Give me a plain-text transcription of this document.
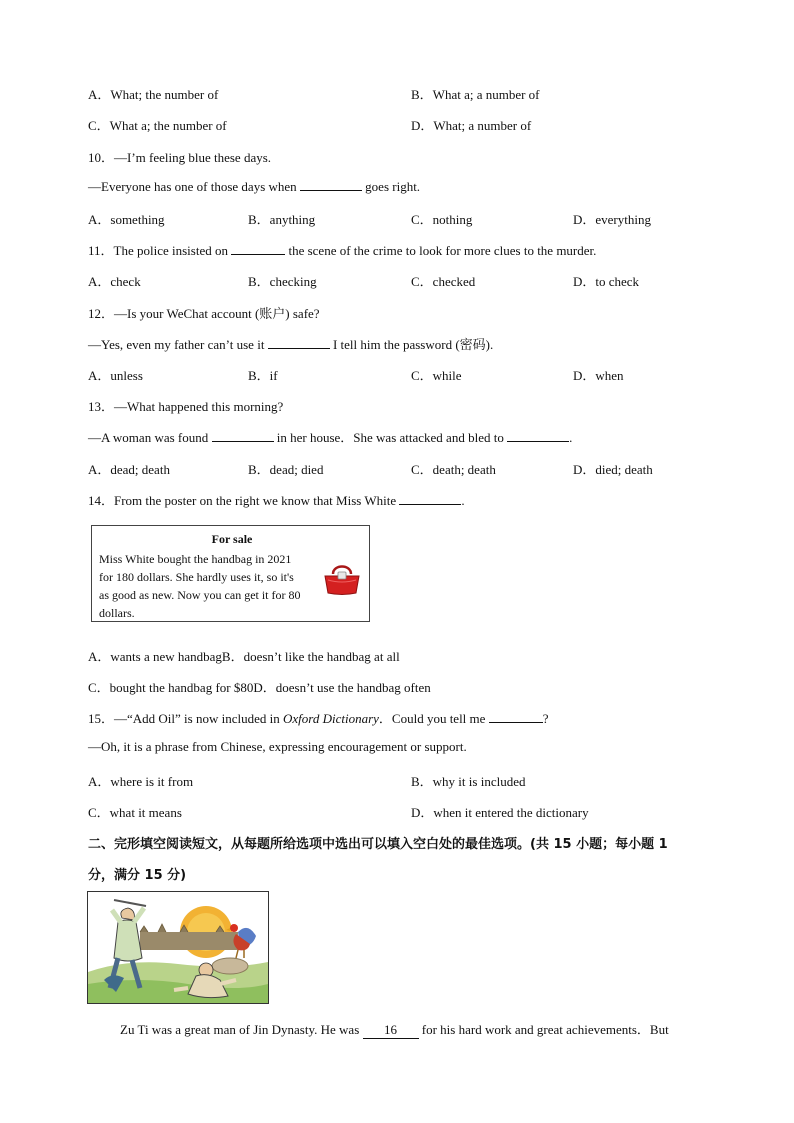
A．What; the number of	B．What a; a number of
C．What a; the number of	D．What; a number of
10．—I’m feeling blue these days.
—Everyone has one of those days when	goes right.
A．something	B．anything	C．nothing	D．everything
11．The police insisted on	the scene of the crime to look for more clues to the murder.
A．check	B．checking	C．checked	D．to check
12．—Is your WeChat account (账户) safe?
—Yes, even my father can’t use it	I tell him the password (密码).
A．unless	B．if	C．while	D．when
13．—What happened this morning?
—A woman was found	in her house．She was attacked and bled to	.
A．dead; death	B．dead; died	C．death; death	D．died; death
14．From the poster on the right we know that Miss White	.
For sale
Miss White bought the handbag in 2021 for 180 dollars. She hardly uses it, so it's as good as new. Now you can get it for 80 dollars.
A．wants a new handbagB．doesn’t like the handbag at all
C．bought the handbag for $80D．doesn’t use the handbag often
15．—“Add Oil” is now included in Oxford Dictionary．Could you tell me	?
—Oh, it is a phrase from Chinese, expressing encouragement or support.
A．where is it from	B．why it is included
C．what it means	D．when it entered the dictionary
二、完形填空阅读短文，从每题所给选项中选出可以填入空白处的最佳选项。(共 15 小题；每小题 1
分，满分 15 分)
Zu Ti was a great man of Jin Dynasty. He was 16 for his hard work and great achievements．But
